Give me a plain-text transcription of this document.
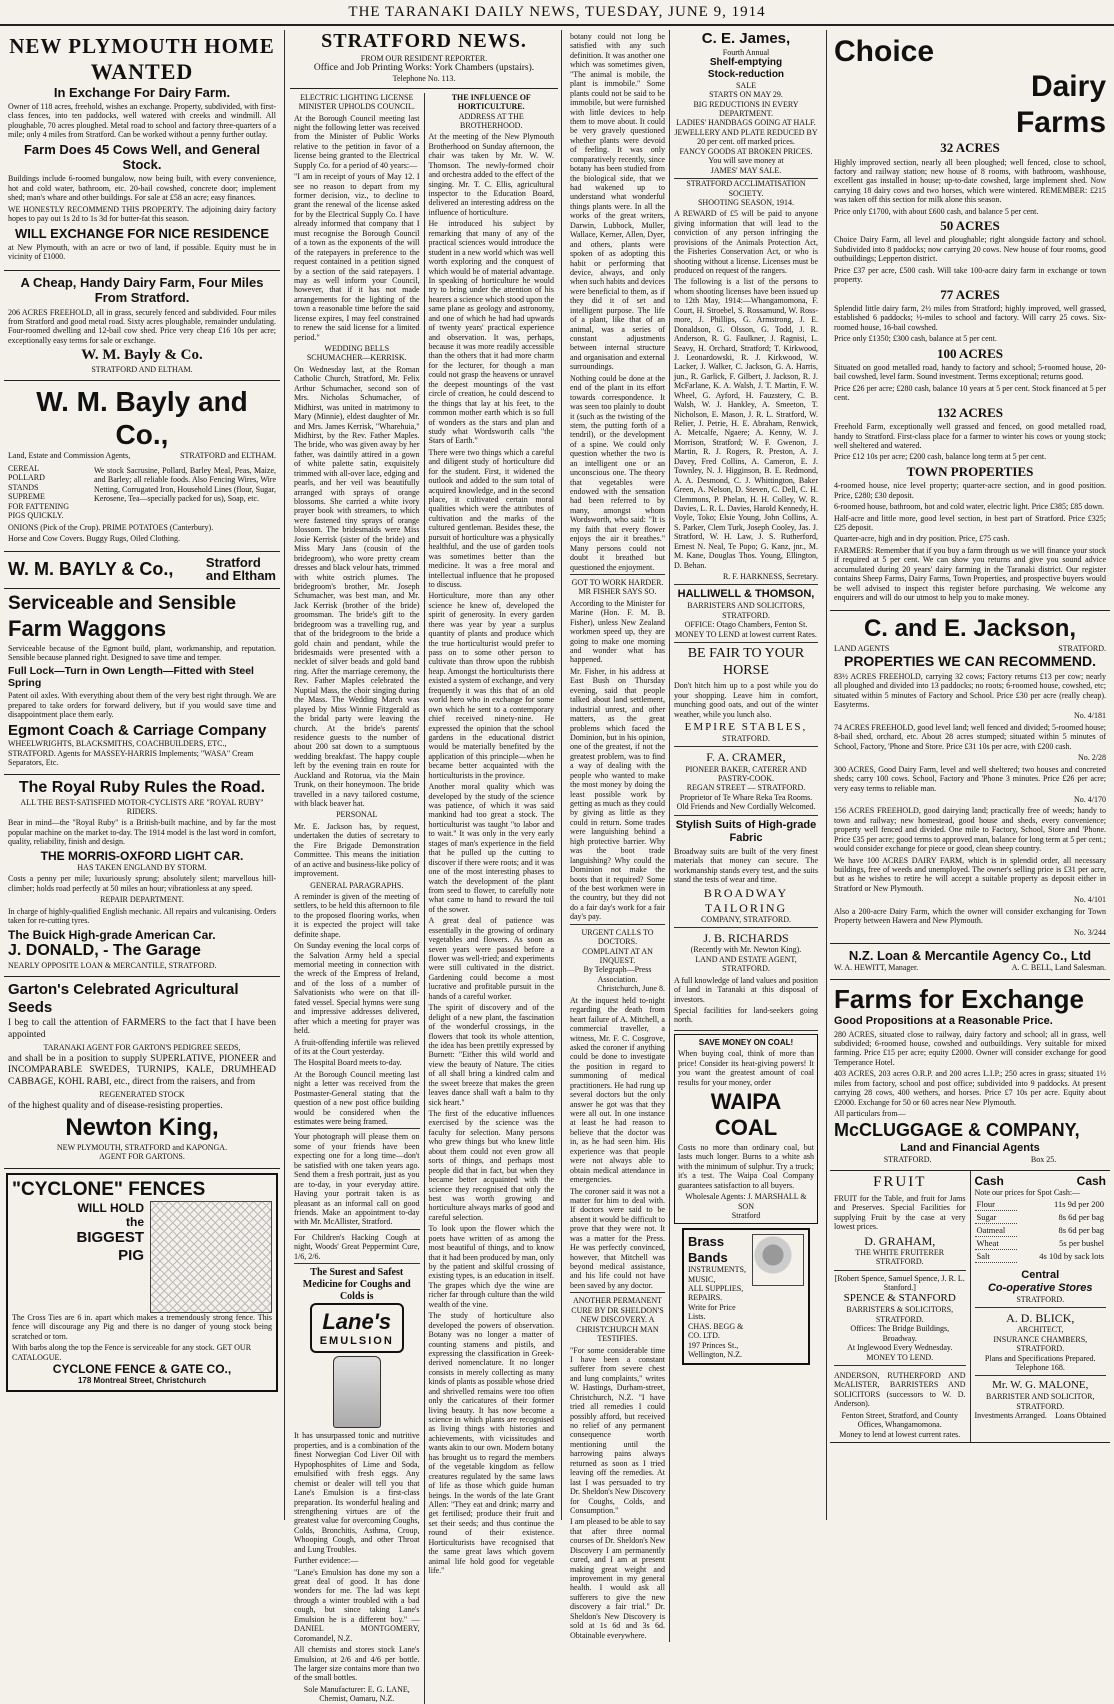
THE TARANAKI DAILY NEWS, TUESDAY, JUNE 9, 1914
NEW PLYMOUTH HOME
WANTED
In Exchange For Dairy Farm.
Owner of 118 acres, freehold, wishes an exchange. Property, subdivided, with first-class fences, into ten paddocks, well watered with creeks and windmill. All ploughable, 70 acres ploughed. Metal road to school and factory three-quarters of a mile; only 4 miles from Stratford. Can be worked without a penny further outlay.
Farm Does 45 Cows Well, and General Stock.
Buildings include 6-roomed bungalow, now being built, with every convenience, hot and cold water, bathroom, etc. 20-bail cowshed, concrete door; implement shed; man's whare and other buildings. For sale at £58 an acre; easy finances.
WE HONESTLY RECOMMEND THIS PROPERTY. The adjoining dairy factory hopes to pay out 1s 2d to 1s 3d for butter-fat this season.
WILL EXCHANGE FOR NICE RESIDENCE
at New Plymouth, with an acre or two of land, if possible. Equity must be in vicinity of £1000.
A Cheap, Handy Dairy Farm, Four Miles From Stratford.
206 ACRES FREEHOLD, all in grass, securely fenced and subdivided. Four miles from Stratford and good metal road. Sixty acres ploughable, remainder undulating. Four-roomed dwelling and 12-bail cow shed. Price very cheap £16 10s per acre; exceptionally easy terms for sale or exchange.
W. M. Bayly & Co.
STRATFORD AND ELTHAM.
W. M. Bayly and Co.,
Land, Estate and Commission Agents,	STRATFORD and ELTHAM.
CEREAL
POLLARD
STANDS
SUPREME
FOR FATTENING
PIGS QUICKLY.
We stock Sacrusine, Pollard, Barley Meal, Peas, Maize, and Barley; all reliable foods. Also Fencing Wires, Wire Netting, Corrugated Iron, Household Lines (flour, Sugar, Kerosene, Tea—specially packed for us), Soap, etc.
ONIONS (Pick of the Crop). PRIME POTATOES (Canterbury).
Horse and Cow Covers. Buggy Rugs, Oiled Clothing.
W. M. BAYLY & Co.,	Stratford
and Eltham
Serviceable and Sensible
Farm Waggons
Serviceable because of the Egmont build, plant, workmanship, and reputation. Sensible because planned right. Designed to save time and temper.
Full Lock—Turn in Own Length—Fitted with Steel Spring
Patent oil axles. With everything about them of the very best right through. We are prepared to take orders for forward delivery, but if you would save time and disappointment place them early.
Egmont Coach & Carriage Company
WHEELWRIGHTS, BLACKSMITHS, COACHBUILDERS, ETC., STRATFORD. Agents for MASSEY-HARRIS Implements; "WASA" Cream Separators, Etc.
The Royal Ruby Rules the Road.
ALL THE BEST-SATISFIED MOTOR-CYCLISTS ARE "ROYAL RUBY" RIDERS.
Bear in mind—the "Royal Ruby" is a British-built machine, and by far the most popular machine on the market to-day. The 1914 model is the last word in comfort, quality, reliability, finish and design.
THE MORRIS-OXFORD LIGHT CAR.
HAS TAKEN ENGLAND BY STORM.
Costs a penny per mile; luxuriously sprung; absolutely silent; marvellous hill-climber; holds road perfectly at 50 miles an hour; vibrationless at any speed.
REPAIR DEPARTMENT.
In charge of highly-qualified English mechanic. All repairs and vulcanising. Orders taken for re-cutting tyres.
The Buick High-grade American Car.
J. DONALD, - The Garage
NEARLY OPPOSITE LOAN & MERCANTILE, STRATFORD.
Garton's Celebrated Agricultural
Seeds
I beg to call the attention of FARMERS to the fact that I have been appointed
TARANAKI AGENT FOR GARTON'S PEDIGREE SEEDS,
and shall be in a position to supply SUPERLATIVE, PIONEER and INCOMPARABLE SWEDES, TURNIPS, KALE, DRUMHEAD CABBAGE, KOHL RABI, etc., direct from the raisers, and from
REGENERATED STOCK
of the highest quality and of disease-resisting properties.
Newton King,
NEW PLYMOUTH, STRATFORD and KAPONGA.
AGENT FOR GARTONS.
"CYCLONE" FENCES
WILL HOLD
the
BIGGEST
PIG
The Cross Ties are 6 in. apart which makes a tremendously strong fence. This fence will discourage any Pig and there is no danger of young stock being scratched or torn.
With barbs along the top the Fence is serviceable for any stock. GET OUR CATALOGUE.
CYCLONE FENCE & GATE CO.,
178 Montreal Street, Christchurch
STRATFORD NEWS.
FROM OUR RESIDENT REPORTER.
Office and Job Printing Works: York Chambers (upstairs).
Telephone No. 113.
ELECTRIC LIGHTING LICENSE
MINISTER UPHOLDS COUNCIL.
At the Borough Council meeting last night the following letter was received from the Minister of Public Works relative to the petition in favor of a license being granted to the Electrical Supply Co. for a period of 40 years:—
"I am in receipt of yours of May 12. I see no reason to depart from my former decision, viz., to decline to grant the renewal of the license asked for by the Electrical Supply Co. I have already informed that company that I must recognise the Borough Council of a town as the exponents of the will of the ratepayers in preference to the request contained in a petition signed by a section of the said ratepayers. I may as well inform your Council, however, that if it has not made arrangements for the lighting of the town a reasonable time before the said license expires, I may feel constrained to renew the said license for a limited period."
WEDDING BELLS
SCHUMACHER—KERRISK.
On Wednesday last, at the Roman Catholic Church, Stratford, Mr. Felix Arthur Schumacher, second son of Mrs. Nicholas Schumacher, of Midhirst, was united in matrimony to Mary (Minnie), eldest daughter of Mr. and Mrs. James Kerrisk, "Wharehuia," Midhirst, by the Rev. Father Maples. The bride, who was given away by her father, was daintily attired in a gown of white palette satin, exquisitely trimmed with all-over lace, edging and pearls, and her veil was beautifully arranged with sprays of orange blossoms. She carried a white ivory prayer book with streamers, to which were fastened tiny sprays of orange blossom. The bridesmaids were Miss Josie Kerrisk (sister of the bride) and Miss Mary Jans (cousin of the bridegroom), who wore pretty cream dresses and black velour hats, trimmed with white ostrich plumes. The bridegroom's brother, Mr. Joseph Schumacher, was best man, and Mr. Jack Kerrisk (brother of the bride) groomsman. The bride's gift to the bridegroom was a travelling rug, and that of the bridegroom to the bride a gold chain and pendant, while the bridesmaids were presented with a necklet of silver beads and gold band ring. After the marriage ceremony, the Rev. Father Maples celebrated the Nuptial Mass, the choir singing during the Mass. The Wedding March was played by Miss Winnie Fitzgerald as the bridal party were leaving the church. At the bride's parents' residence guests to the number of about 200 sat down to a sumptuous wedding breakfast. The happy couple left by the evening train en route for Auckland and Rotorua, via the Main Trunk, on their honeymoon. The bride travelled in a navy tailored costume, with black beaver hat.
PERSONAL
Mr. E. Jackson has, by request, undertaken the duties of secretary to the Fire Brigade Demonstration Committee. This means the initiation of an active and business-like policy of improvement.
GENERAL PARAGRAPHS.
A reminder is given of the meeting of settlers, to be held this afternoon to file to the proposed flooring works, when it is expected the project will take definite shape.
On Sunday evening the local corps of the Salvation Army held a special memorial meeting in connection with the wreck of the Empress of Ireland, and of the loss of a number of Salvationists who were on that ill-fated vessel. Special hymns were sung and impressive addresses delivered, after which a meeting for prayer was held.
A fruit-offending infertile was relieved of its at the Court yesterday.
The Hospital Board meets to-day.
At the Borough Council meeting last night a letter was received from the Postmaster-General stating that the question of a new post office building would be considered when the estimates were being framed.
Your photograph will please them on some of your friends have been expecting one for a long time—don't be satisfied with one taken years ago. Send them a fresh portrait, just as you are to-day, in your everyday attire. Having your portrait taken is as pleasant as an informal call on good friends. Make an appointment to-day with Mr. McAllister, Stratford.
For Children's Hacking Cough at night, Woods' Great Peppermint Cure, 1/6, 2/6.
The Surest and Safest Medicine for Coughs and Colds is
Lane's
EMULSION
It has unsurpassed tonic and nutritive properties, and is a combination of the finest Norwegian Cod Liver Oil with Hypophosphites of Lime and Soda, emulsified with fresh eggs. Any chemist or dealer will tell you that Lane's Emulsion is a first-class preparation. Its wonderful healing and strengthening virtues are of the greatest value for overcoming Coughs, Colds, Bronchitis, Asthma, Croup, Whooping Cough, and other Throat and Lung Troubles.
Further evidence:—
"Lane's Emulsion has done my son a great deal of good. It has done wonders for me. The lad was kept through a winter troubled with a bad cough, but since taking Lane's Emulsion he is a different boy." — DANIEL MONTGOMERY, Coromandel, N.Z.
All chemists and stores stock Lane's Emulsion, at 2/6 and 4/6 per bottle. The larger size contains more than two of the small bottles.
Sole Manufacturer: E. G. LANE, Chemist, Oamaru, N.Z.
THE INFLUENCE OF HORTICULTURE.
ADDRESS AT THE BROTHERHOOD.
At the meeting of the New Plymouth Brotherhood on Sunday afternoon, the chair was taken by Mr. W. W. Thomson. The newly-formed choir and orchestra added to the effect of the singing. Mr. T. C. Ellis, agricultural inspector to the Education Board, delivered an interesting address on the influence of horticulture.
He introduced his subject by remarking that many of any of the practical sciences would introduce the student in a new world which was well worth exploring and the conquest of which would be of material advantage. In speaking of horticulture he would try to bring under the attention of his hearers a science which stood upon the same plane as geology and astronomy, and one of which he had had upwards of twenty years' practical experience and observation. It was, perhaps, because it was more readily accessible than the others that it had more charm for the lecturer, for though a man could not grasp the heavens or unravel the deepest mountings of the vast circle of creation, he could descend to the things that lay at his feet, to the common mother earth which is so full of wonders as the stars and plan and study what Wordsworth calls "the Stars of Earth."
There were two things which a careful and diligent study of horticulture did for the student. First, it widened the outlook and added to the sum total of acquired knowledge, and in the second place, it cultivated certain moral qualities which were the attributes of cultivation and the marks of the cultured gentleman. Besides these, the pursuit of horticulture was a physically healthful, and the use of garden tools was sometimes better than the medicine. It was a free moral and intellectual influence that he proposed to discuss.
Horticulture, more than any other science he knew of, developed the spirit of generosity. In every garden there was year by year a surplus quantity of plants and produce which the true horticulturist would prefer to pass on to some other person to cultivate than throw upon the rubbish heap. Amongst the horticulturists there existed a system of exchange, and very frequently it was this that of an old world hero who in exchange for some own which he sent to a contemporary chief received ninety-nine. He expressed the opinion that the school gardens in the educational district would be materially benefited by the application of this principle—when he became better acquainted with the horticulturists in the province.
Another moral quality which was developed by the study of the science was patience, of which it was said mankind had too great a stock. The horticulturist was taught "to labor and to wait." It was only in the very early stages of man's experience in the field that he pulled up the cutting to discover if there were roots; and it was one of the most interesting phases to watch the development of the plant from seed to flower, to carefully note what came to hand to reward the toil of the sower.
A great deal of patience was essentially in the growing of ordinary vegetables and flowers. As soon as seven years were passed before a flower was well-tried; and experiments were still cultivated in the district. Gardening could become a most lucrative and profitable pursuit in the hands of a careful worker.
The spirit of discovery and of the delight of a new plant, the fascination of the wonderful crossings, in the flowers that took its whole attention, the idea has been prettily expressed by Burnett: "Either this wild world and view the beauty of Nature. The cities of all shall bring a kindred calm and the sweet breeze that makes the green leaves dance shall waft a balm to thy sick heart."
The first of the educative influences exercised by the science was the faculty for selection. Many persons who grew things but who knew little about them could not even grow all sorts of things, and perhaps most people did that in fact, but when they became better acquainted with the science they recognised that only the best was worth growing and horticulture always marks of good and careful selection.
To look upon the flower which the poets have written of as among the most beautiful of things, and to know that it had been produced by man, only by the patient and skilful crossing of existing types, is an education in itself. The grapes which dye the wine are richer far through culture than the wild wealth of the vine.
The study of horticulture also developed the powers of observation. Botany was no longer a matter of counting stamens and pistils, and expressing the classification in Greek-derived nomenclature. It no longer consists in merely collecting as many kinds of plants as possible whose dried and shrivelled remains were too often only the caricatures of their former living beauty. It has now become a science in which plants are recognised as living things with histories and achievements, with vicissitudes and wants akin to our own. Modern botany has brought us to regard the members of the vegetable kingdom as fellow creatures regulated by the same laws of life as those which guide human beings. In the words of the late Grant Allen: "They eat and drink; marry and get fertilised; produce their fruit and set their seeds; and thus continue the round of their existence. Horticulturists have recognised that the same great laws which govern animal life hold good for vegetable life."
botany could not long be satisfied with any such definition. It was another one which was sometimes given, "The animal is mobile, the plant is immobile." Some plants could not be said to be immobile, but were furnished with little devices to help them to move about. It could be very gravely questioned whether plants were devoid of feeling. It was only comparatively recently, since botany has been studied from the biological side, that we had wakened up to understand what wonderful things plants were. In all the works of the great writers, Darwin, Lubbock, Muller, Wallace, Kerner, Allen, Dyer, and others, plants were spoken of as adopting this habit or performing that device, always, and only when such habits and devices were beneficial to them, as if they did it of set and intelligent purpose. The life of a plant, like that of an animal, was a series of constant adjustments between internal structure and organisation and external surroundings.
Nothing could be done at the end of the plant in its effort towards correspondence. It was seen too plainly to doubt it (such as the twisting of the stem, the putting forth of a tendril), or the development of a spine. We could only question whether the two is an intelligent one or an unconscious one. The theory that vegetables were endowed with the sensation had been referred to by many, amongst whom Wordsworth, who said: "It is my faith that every flower enjoys the air it breathes." Many persons could not doubt it breathed but questioned the enjoyment.
GOT TO WORK HARDER.
MR FISHER SAYS SO.
According to the Minister for Marine (Hon. F. M. B. Fisher), unless New Zealand workmen speed up, they are going to make one morning and wonder what has happened.
Mr. Fisher, in his address at East Bush on Thursday evening, said that people talked about land settlement, industrial unrest, and other matters, as the great problems which faced the Dominion, but in his opinion, one of the greatest, if not the greatest problem, was to find a way of dealing with the people who wanted to make the most money by doing the least possible work by getting as much as they could by giving as little as they could in return. Some trades were languishing behind a high protective barrier. Why was the boot trade languishing? Why could the Dominion not make the boots that it required? Some of the best workmen were in the country, but they did not do a fair day's work for a fair day's pay.
URGENT CALLS TO DOCTORS.
COMPLAINT AT AN INQUEST.
By Telegraph—Press Association.
Christchurch, June 8.
At the inquest held to-night regarding the death from heart failure of A. Mitchell, a commercial traveller, a witness, Mr. F. C. Cosgrove, asked the coroner if anything could be done to investigate the position in regard to summoning of medical practitioners. He had rung up several doctors but the only answer he got was that they were all out. In one instance at least he had reason to believe that the doctor was in, as he had seen him. His experience was that people were not always able to obtain medical attendance in emergencies.
The coroner said it was not a matter for him to deal with. If doctors were said to be absent it would be difficult to prove that they were not. It was a matter for the Press. He was perfectly convinced, however, that Mitchell was beyond medical assistance, and his life could not have been saved by any doctor.
ANOTHER PERMANENT CURE BY DR SHELDON'S NEW DISCOVERY. A CHRISTCHURCH MAN TESTIFIES.
"For some considerable time I have been a constant sufferer from severe chest and lung complaints," writes W. Hastings, Durham-street, Christchurch, N.Z. "I have tried all remedies I could possibly afford, but received no relief of any permanent consequence worth mentioning until the harrowing pains always returned as soon as I tried leaving off the remedies. At last I was persuaded to try Dr. Sheldon's New Discovery for Coughs, Colds, and Consumption."
I am pleased to be able to say that after three normal courses of Dr. Sheldon's New Discovery I am permanently cured, and I am at present making great weight and improvement in my general health. I would ask all sufferers to give the new discovery a fair trial." Dr. Sheldon's New Discovery is sold at 1s 6d and 3s 6d. Obtainable everywhere.
C. E. James,
Fourth Annual
Shelf-emptying
Stock-reduction
SALE
STARTS ON MAY 29.
BIG REDUCTIONS IN EVERY DEPARTMENT.
LADIES' HANDBAGS GOING AT HALF.
JEWELLERY AND PLATE REDUCED BY 20 per cent. off marked prices.
FANCY GOODS AT BROKEN PRICES.
You will save money at
JAMES' MAY SALE.
STRATFORD ACCLIMATISATION SOCIETY.
SHOOTING SEASON, 1914.
A REWARD of £5 will be paid to anyone giving information that will lead to the conviction of any person infringing the provisions of the Animals Protection Act, the Fisheries Conservation Act, or who is shooting without a license. Licenses must be produced on request of the rangers.
The following is a list of the persons to whom shooting licenses have been issued up to 12th May, 1914:—Whangamomona, F. Court, H. Stroebel, S. Rossamund, W. Ross-more, J. Phillips, G. Armstrong, J. E. Donaldson, G. Olsson, G. Todd, J. R. Anderson, R. G. Faulkner, J. Ragnisi, L. Seavy, H. Orchard, Stratford; T. Kirkwood, J. Leonardowski, R. J. Kirkwood, W. Lacker, J. Walker, C. Jackson, G. A. Harris, jun., R. Garlick, F. Gilbert, J. Jackson, R. J. McFarlane, K. A. Walsh, J. T. Martin, F. W. Wheel, G. Ayford, H. Fauzstery, C. B. Walsh, W. J. Hankley, A. Smeeton, T. Nicholson, E. Mason, J. R. L. Stratford, W. Relier, J. Petrie, H. E. Abraham, Renwick, A. Metcalfe, Ngaere; A. Kenny, W. J. Morrison, Stratford; W. F. Gwenon, J. Martin, R. J. Rogers, R. Preston, A. J. Davey, Fred Collins, A. Cameron, E. J. Townley, N. J. Higginson, B. E. Redmond, A. A. Desmond, C. J. Whittington, Baker Green, A. Nelson, D. Steven, C. Dell, C. H. Clemmons, P. Phelan, H. H. Colley, W. R. Davies, L. R. L. Davies, Harold Kennedy, H. Voyle, Toko; Elsie Young, John Collins, A. S. Parker, Clem Turk, Joseph Cooley, Jas. J. Stratford, W. H. Law, J. S. Rutherford, Ernest N. Neal, Te Popo; G. Kanz, jnr., M. M. Kane, Douglas Thos. Young, Ellington, D. Behan.
R. F. HARKNESS, Secretary.
HALLIWELL & THOMSON,
BARRISTERS AND SOLICITORS, STRATFORD.
OFFICE: Otago Chambers, Fenton St.
MONEY TO LEND at lowest current Rates.
BE FAIR TO YOUR HORSE
Don't hitch him up to a post while you do your shopping. Leave him in comfort, munching good oats, and out of the winter weather, while you lunch also.
EMPIRE STABLES,
STRATFORD.
F. A. CRAMER,
PIONEER BAKER, CATERER AND PASTRY-COOK.
REGAN STREET — STRATFORD.
Proprietor of Te Whare Reka Tea Rooms.
Old Friends and New Cordially Welcomed.
Stylish Suits of High-grade Fabric
Broadway suits are built of the very finest materials that money can secure. The workmanship stands every test, and the suits stand the tests of wear and time.
BROADWAY
TAILORING
COMPANY, STRATFORD.
J. B. RICHARDS
(Recently with Mr. Newton King).
LAND AND ESTATE AGENT, STRATFORD.
A full knowledge of land values and position of land in Taranaki at this disposal of investors.
Special facilities for land-seekers going north.
SAVE MONEY ON COAL!
When buying coal, think of more than price! Consider its heat-giving powers! It you want the greatest amount of coal results for your money, order
WAIPA COAL
Costs no more than ordinary coal, but lasts much longer. Burns to a white ash with the minimum of sulphur. Try a truck; it's a test. The Waipa Coal Company guarantees satisfaction to all buyers.
Wholesale Agents: J. MARSHALL & SON
Stratford
Brass Bands
INSTRUMENTS, MUSIC,
ALL SUPPLIES, REPAIRS.
Write for Price Lists.
CHAS. BEGG & CO. LTD.
197 Princes St., Wellington, N.Z.
Choice
Dairy
Farms
32 ACRES
Highly improved section, nearly all been ploughed; well fenced, close to school, factory and railway station; new house of 8 rooms, with bathroom, washhouse, excellent gas installed in house; up-to-date cowshed, large implement shed. Now carrying 18 dairy cows and two horses, which were wintered. REMEMBER: £215 was taken off this section for milk alone this season.
Price only £1700, with about £600 cash, and balance 5 per cent.
50 ACRES
Choice Dairy Farm, all level and ploughable; right alongside factory and school. Subdivided into 8 paddocks; now carrying 20 cows. New house of four rooms, good outbuildings; Lepperton district.
Price £37 per acre, £500 cash. Will take 100-acre dairy farm in exchange or town property.
77 ACRES
Splendid little dairy farm, 2½ miles from Stratford; highly improved, well grassed, established 6 paddocks; ½-miles to school and factory. Will carry 25 cows. Six-roomed house, 16-bail cowshed.
Price only £1350; £300 cash, balance at 5 per cent.
100 ACRES
Situated on good metalled road, handy to factory and school; 5-roomed house, 20-bail cowshed, level farm. Sound investment. Terms exceptional; returns good.
Price £26 per acre; £280 cash, balance 10 years at 5 per cent. Stock financed at 5 per cent.
132 ACRES
Freehold Farm, exceptionally well grassed and fenced, on good metalled road, handy to Stratford. First-class place for a farmer to winter his cows or young stock; well sheltered and watered.
Price £12 10s per acre; £200 cash, balance long term at 5 per cent.
TOWN PROPERTIES
4-roomed house, nice level property; quarter-acre section, and in good position. Price, £280; £30 deposit.
6-roomed house, bathroom, hot and cold water, electric light. Price £385; £85 down.
Half-acre and little more, good level section, in best part of Stratford. Price £325; £25 deposit.
Quarter-acre, high and in dry position. Price, £75 cash.
FARMERS: Remember that if you buy a farm through us we will finance your stock if required at 5 per cent. We can show you returns and give you sound advice accumulated during 20 years' dairy farming in the Taranaki district. Our register contains Sheep Farms, Dairy Farms, Town Properties, and prospective buyers would be well advised to inspect this register before purchasing. We welcome any enquirers and will do our utmost to help you to make money.
C. and E. Jackson,
LAND AGENTS	STRATFORD.
PROPERTIES WE CAN RECOMMEND.
83½ ACRES FREEHOLD, carrying 32 cows; Factory returns £13 per cow; nearly all ploughed and divided into 13 paddocks; no roots; 6-roomed house, cowshed, etc; situated within 5 minutes of Factory and School. Price £30 per acre (really cheap). Easyterms.
No. 4/181
74 ACRES FREEHOLD, good level land; well fenced and divided; 5-roomed house; 8-bail shed, orchard, etc. About 28 acres stumped; situated within 5 minutes of School, Factory, 'Phone and Store. Price £31 10s per acre, with £200 cash.
No. 2/28
300 ACRES, Good Dairy Farm, level and well sheltered; two houses and concreted sheds; carry 100 cows. School, Factory and 'Phone 3 minutes. Price £26 per acre; very easy terms to reliable man.
No. 4/170
156 ACRES FREEHOLD, good dairying land; practically free of weeds; handy to town and railway; new homestead, good house and sheds, every convenience; property well fenced and divided. One mile to Factory, School, Store and 'Phone. Price £35 per acre; good terms to approved man, balance for long term at 5 per cent.; would consider exchange for piece or good, clean sheep country.
We have 100 ACRES DAIRY FARM, which is in splendid order, all necessary buildings, free of weeds and unemployed. The owner's selling price is £31 per acre, but as he wishes to retire he will accept a suitable property as deposit either in Stratford or New Plymouth.
No. 4/101
Also a 200-acre Dairy Farm, which the owner will consider exchanging for Town Property between Hawera and New Plymouth.
No. 3/244
N.Z. Loan & Mercantile Agency Co., Ltd
W. A. HEWITT, Manager.	A. C. BELL, Land Salesman.
Farms for Exchange
Good Propositions at a Reasonable Price.
280 ACRES, situated close to railway, dairy factory and school; all in grass, well subdivided; 6-roomed house, cowshed and outbuildings. Very suitable for mixed farming. Price £15 per acre; equity £2000. Owner will consider exchange for good Temperance Hotel.
403 ACRES, 203 acres O.R.P. and 200 acres L.I.P.; 250 acres in grass; situated 1½ miles from factory, school and post office; subdivided into 9 paddocks. At present carrying 28 cows, 400 wethers, and horses. Price £7 10s per acre. Equity about £2000. Exchange for 50 or 60 acres near New Plymouth.
All particulars from—
McCLUGGAGE & COMPANY,
Land and Financial Agents
STRATFORD.	Box 25.
FRUIT
FRUIT for the Table, and fruit for Jams and Preserves. Special Facilities for supplying Fruit by the case at very lowest prices.
D. GRAHAM,
THE WHITE FRUITERER STRATFORD.
[Robert Spence, Samuel Spence, J. R. L. Stanford.]
SPENCE & STANFORD
BARRISTERS & SOLICITORS, STRATFORD.
Offices: The Bridge Buildings, Broadway.
At Inglewood Every Wednesday.
MONEY TO LEND.
ANDERSON, RUTHERFORD AND McALISTER, BARRISTERS AND SOLICITORS (successors to W. D. Anderson).
Fenton Street, Stratford, and County Offices, Whangamomona.
Money to lend at lowest current rates.
Cash	Cash
Note our prices for Spot Cash:—
Flour	11s 9d per 200
Sugar	8s 6d per bag
Oatmeal	8s 6d per bag
Wheat	5s per bushel
Salt	4s 10d by sack lots
Central
Co-operative Stores
STRATFORD.
A. D. BLICK,
ARCHITECT,
INSURANCE CHAMBERS, STRATFORD.
Plans and Specifications Prepared.
Telephone 168.
Mr. W. G. MALONE,
BARRISTER AND SOLICITOR,
STRATFORD.
Investments Arranged. Loans Obtained
